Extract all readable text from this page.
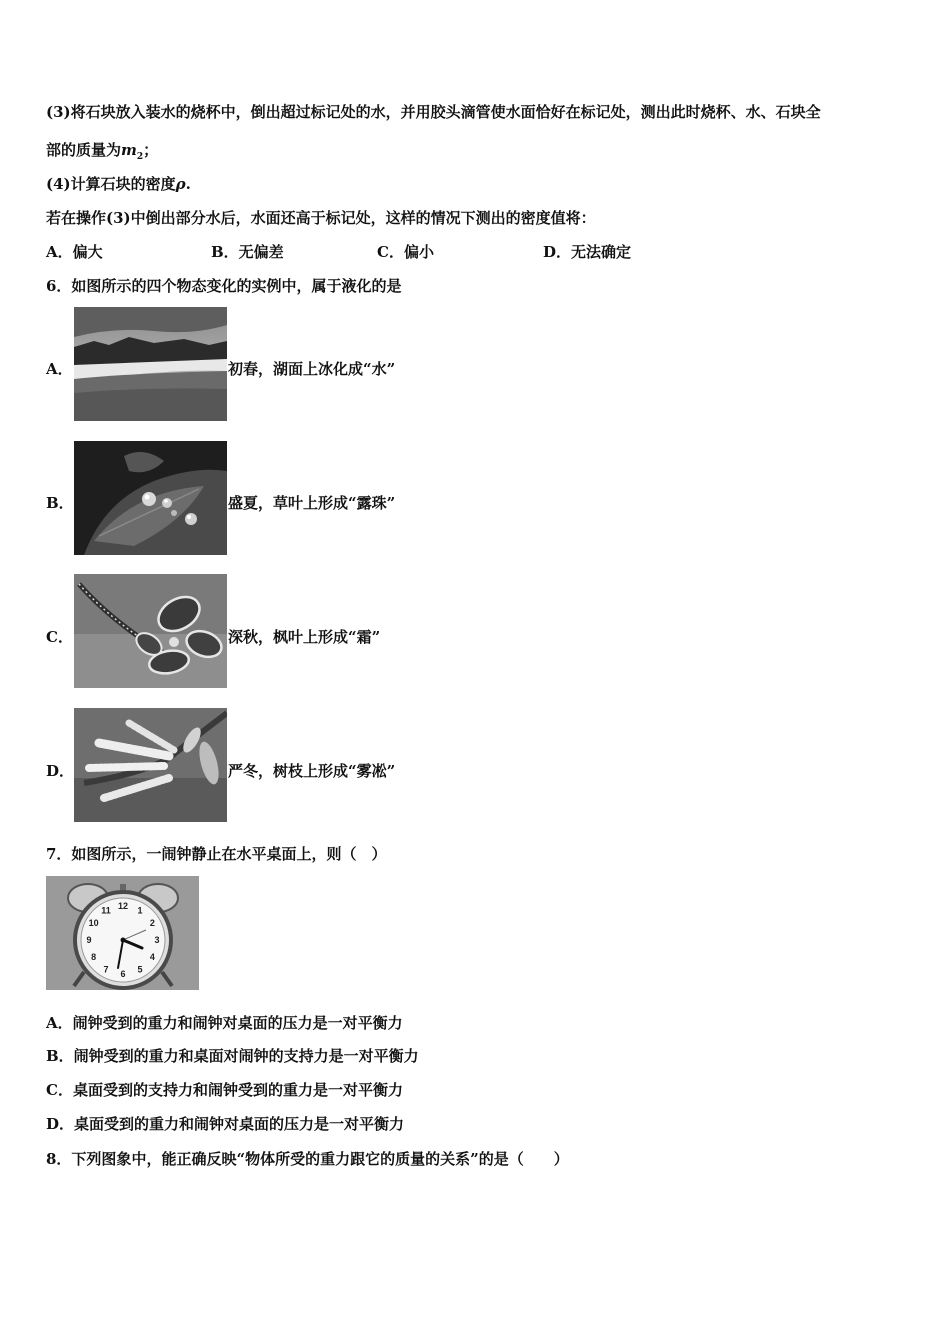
(3)将石块放入装水的烧杯中，倒出超过标记处的水，并用胶头滴管使水面恰好在标记处，测出此时烧杯、水、石块全
部的质量为$m_2$；
(4)计算石块的密度ρ.
若在操作(3)中倒出部分水后，水面还高于标记处，这样的情况下测出的密度值将：
A．偏大	B．无偏差	C．偏小	D．无法确定
6．如图所示的四个物态变化的实例中，属于液化的是
A．	初春，湖面上冰化成“水”
B．	盛夏，草叶上形成“露珠”
C．	深秋，枫叶上形成“霜”
D．	严冬，树枝上形成“雾凇”
7．如图所示，一闹钟静止在水平桌面上，则（　）
12 1
2
3
4
5
6
7
8
9
10
11
A．闹钟受到的重力和闹钟对桌面的压力是一对平衡力
B．闹钟受到的重力和桌面对闹钟的支持力是一对平衡力
C．桌面受到的支持力和闹钟受到的重力是一对平衡力
D．桌面受到的重力和闹钟对桌面的压力是一对平衡力
8．下列图象中，能正确反映“物体所受的重力跟它的质量的关系”的是（　　）
